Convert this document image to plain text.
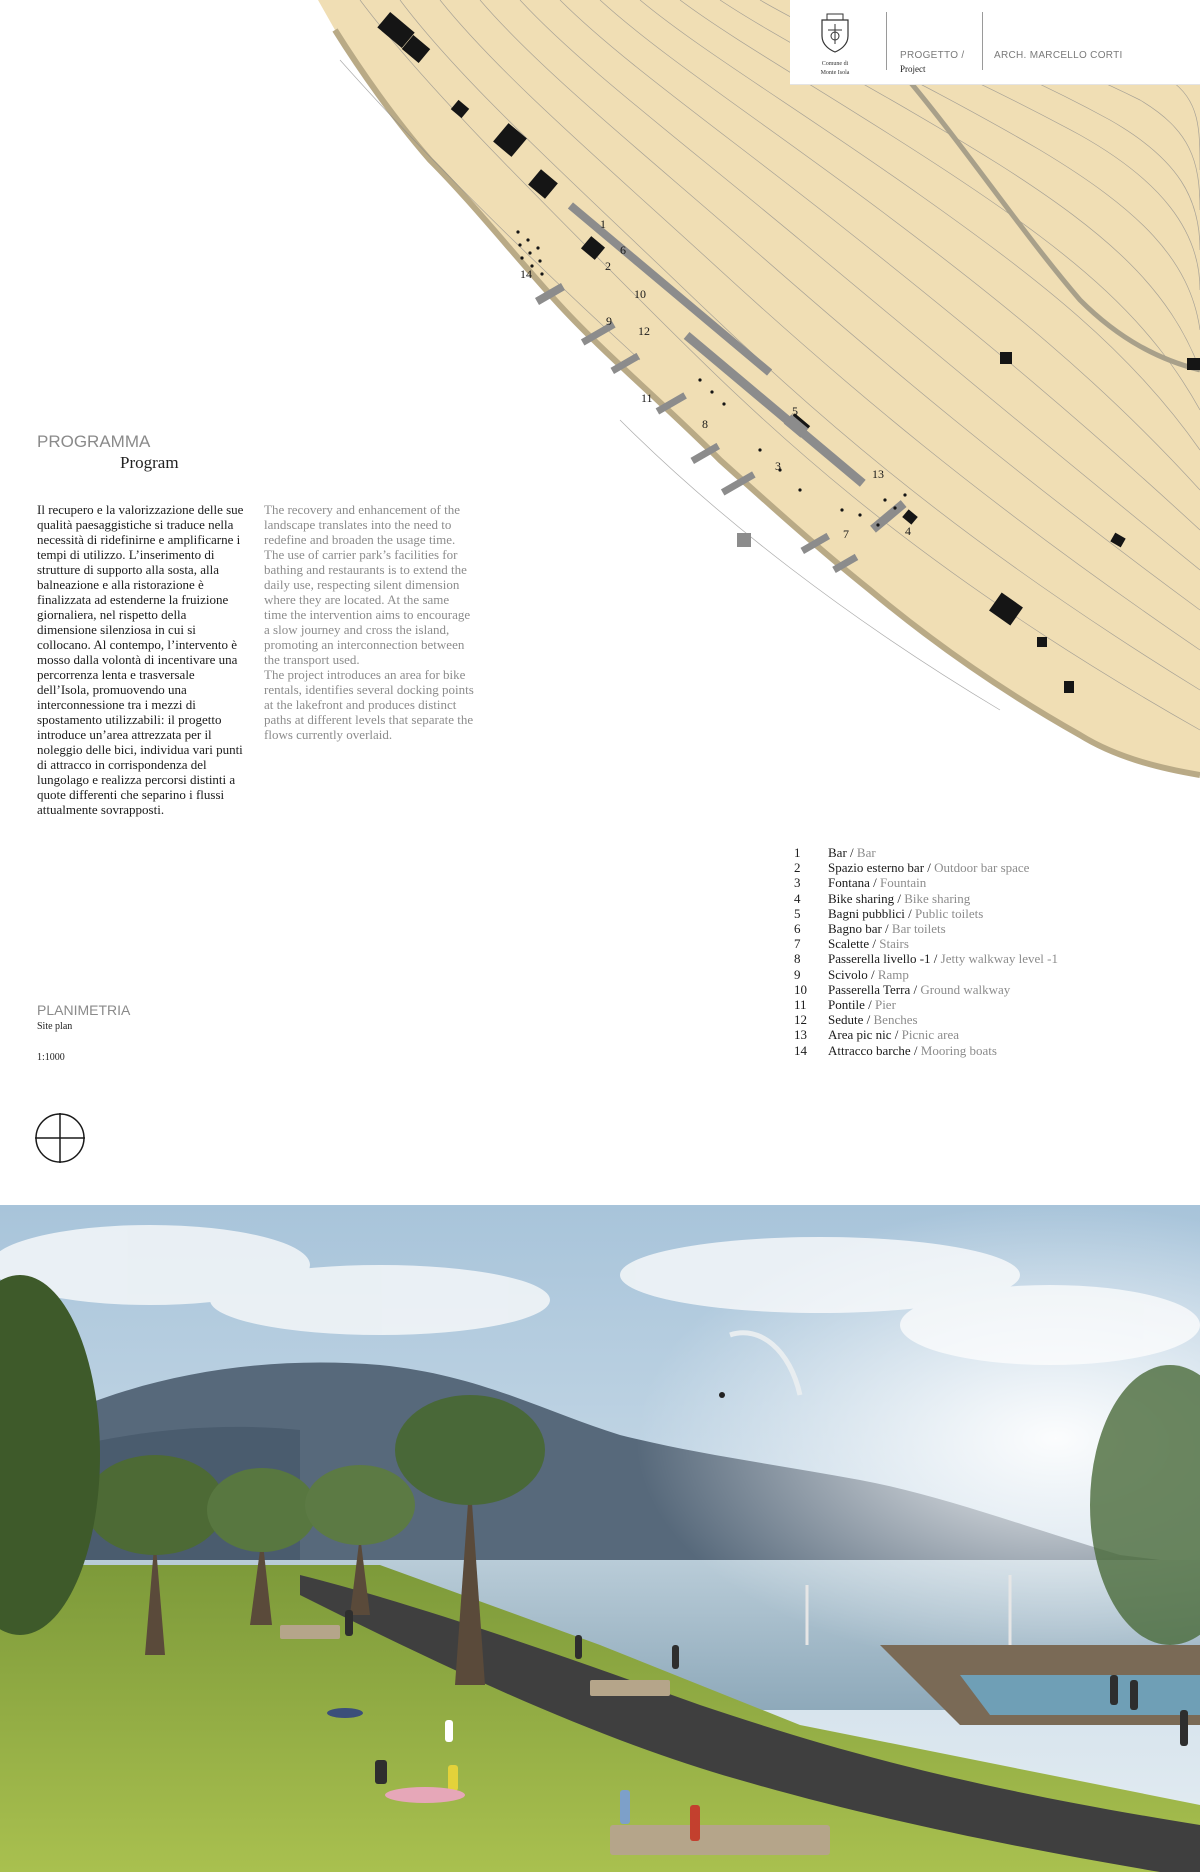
1
2
3
4
5
6
7
8
9
10
11
12
13
14
Comune di
Monte Isola
PROGETTO /
Project
ARCH. MARCELLO CORTI
PROGRAMMA
Program
Il recupero e la valorizzazione delle sue qualità paesaggistiche si traduce nella necessità di ridefinirne e amplificarne i tempi di utilizzo. L’inserimento di strutture di supporto alla sosta, alla balneazione e alla ristorazione è finalizzata ad estenderne la fruizione giornaliera, nel rispetto della dimensione silenziosa in cui si collocano. Al contempo, l’intervento è mosso dalla volontà di incentivare una percorrenza lenta e trasversale dell’Isola, promuovendo una interconnessione tra i mezzi di spostamento utilizzabili: il progetto introduce un’area attrezzata per il noleggio delle bici, individua vari punti di attracco in corrispondenza del lungolago e realizza percorsi distinti a quote differenti che separino i flussi attualmente sovrapposti.
The recovery and enhancement of the landscape translates into the need to redefine and broaden the usage time. The use of carrier park’s facilities for bathing and restaurants is to extend the daily use, respecting silent dimension where they are located. At the same time the intervention aims to encourage a slow journey and cross the island, promoting an interconnection between the transport used.
The project introduces an area for bike rentals, identifies several docking points at the lakefront and produces distinct paths at different levels that separate the flows currently overlaid.
PLANIMETRIA
Site plan
1:1000
1	Bar / Bar
2	Spazio esterno bar / Outdoor bar space
3	Fontana / Fountain
4	Bike sharing / Bike sharing
5	Bagni pubblici / Public toilets
6	Bagno bar / Bar toilets
7	Scalette / Stairs
8	Passerella livello -1 / Jetty walkway level -1
9	Scivolo / Ramp
10	Passerella Terra / Ground walkway
11	Pontile / Pier
12	Sedute / Benches
13	Area pic nic / Picnic area
14	Attracco barche / Mooring boats
